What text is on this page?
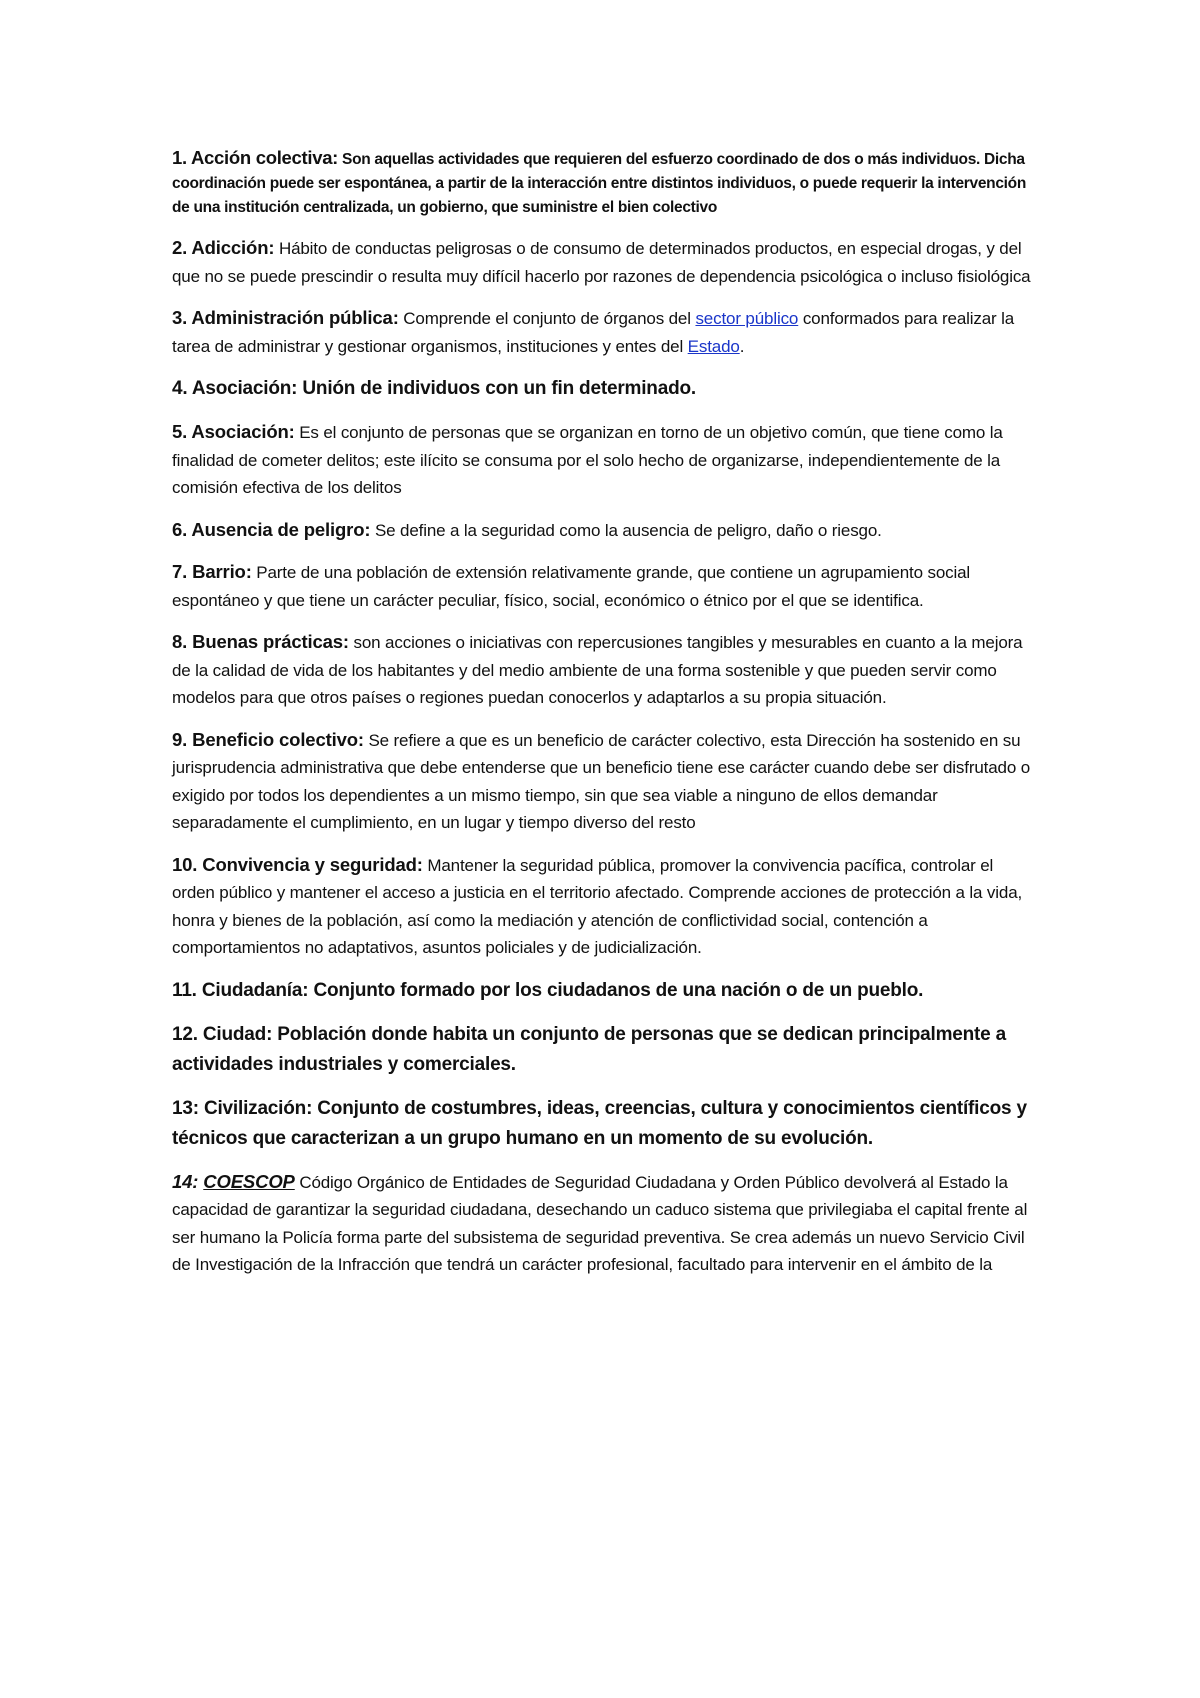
1. Acción colectiva: Son aquellas actividades que requieren del esfuerzo coordinado de dos o más individuos. Dicha coordinación puede ser espontánea, a partir de la interacción entre distintos individuos, o puede requerir la intervención de una institución centralizada, un gobierno, que suministre el bien colectivo

2. Adicción: Hábito de conductas peligrosas o de consumo de determinados productos, en especial drogas, y del que no se puede prescindir o resulta muy difícil hacerlo por razones de dependencia psicológica o incluso fisiológica

3. Administración pública: Comprende el conjunto de órganos del sector público conformados para realizar la tarea de administrar y gestionar organismos, instituciones y entes del Estado.

4. Asociación: Unión de individuos con un fin determinado.

5. Asociación: Es el conjunto de personas que se organizan en torno de un objetivo común, que tiene como la finalidad de cometer delitos; este ilícito se consuma por el solo hecho de organizarse, independientemente de la comisión efectiva de los delitos

6. Ausencia de peligro: Se define a la seguridad como la ausencia de peligro, daño o riesgo.

7. Barrio: Parte de una población de extensión relativamente grande, que contiene un agrupamiento social espontáneo y que tiene un carácter peculiar, físico, social, económico o étnico por el que se identifica.

8. Buenas prácticas: son acciones o iniciativas con repercusiones tangibles y mesurables en cuanto a la mejora de la calidad de vida de los habitantes y del medio ambiente de una forma sostenible y que pueden servir como modelos para que otros países o regiones puedan conocerlos y adaptarlos a su propia situación.

9. Beneficio colectivo: Se refiere a que es un beneficio de carácter colectivo, esta Dirección ha sostenido en su jurisprudencia administrativa que debe entenderse que un beneficio tiene ese carácter cuando debe ser disfrutado o exigido por todos los dependientes a un mismo tiempo, sin que sea viable a ninguno de ellos demandar separadamente el cumplimiento, en un lugar y tiempo diverso del resto

10. Convivencia y seguridad: Mantener la seguridad pública, promover la convivencia pacífica, controlar el orden público y mantener el acceso a justicia en el territorio afectado. Comprende acciones de protección a la vida, honra y bienes de la población, así como la mediación y atención de conflictividad social, contención a comportamientos no adaptativos, asuntos policiales y de judicialización.

11. Ciudadanía: Conjunto formado por los ciudadanos de una nación o de un pueblo.

12. Ciudad: Población donde habita un conjunto de personas que se dedican principalmente a actividades industriales y comerciales.

13: Civilización: Conjunto de costumbres, ideas, creencias, cultura y conocimientos científicos y técnicos que caracterizan a un grupo humano en un momento de su evolución.

14: COESCOP Código Orgánico de Entidades de Seguridad Ciudadana y Orden Público devolverá al Estado la capacidad de garantizar la seguridad ciudadana, desechando un caduco sistema que privilegiaba el capital frente al ser humano la Policía forma parte del subsistema de seguridad preventiva. Se crea además un nuevo Servicio Civil de Investigación de la Infracción que tendrá un carácter profesional, facultado para intervenir en el ámbito de la
